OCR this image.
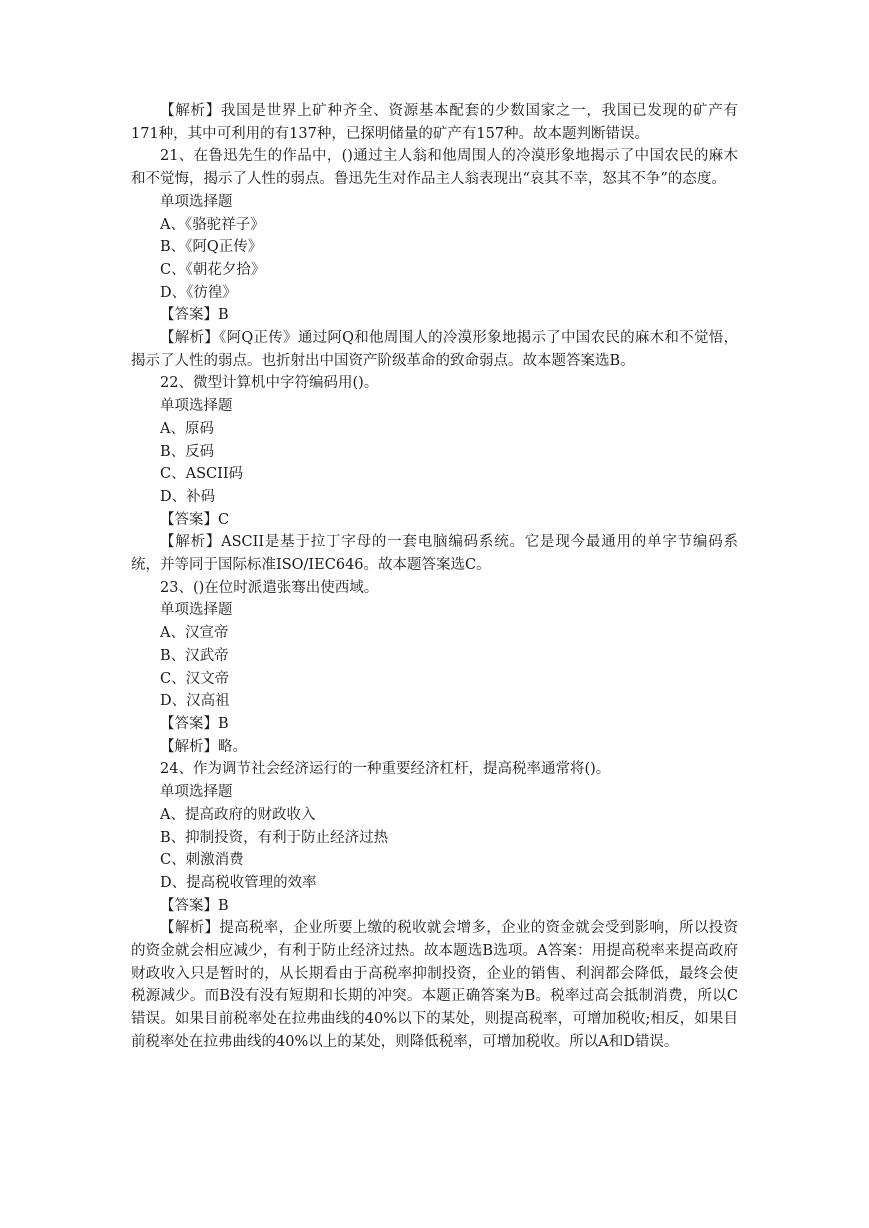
【解析】我国是世界上矿种齐全、资源基本配套的少数国家之一，我国已发现的矿产有171种，其中可利用的有137种，已探明储量的矿产有157种。故本题判断错误。
21、在鲁迅先生的作品中，()通过主人翁和他周围人的冷漠形象地揭示了中国农民的麻木和不觉悔，揭示了人性的弱点。鲁迅先生对作品主人翁表现出“哀其不幸，怒其不争”的态度。
单项选择题
A、《骆驼祥子》
B、《阿Q正传》
C、《朝花夕拾》
D、《彷徨》
【答案】B
【解析】《阿Q正传》通过阿Q和他周围人的冷漠形象地揭示了中国农民的麻木和不觉悟，揭示了人性的弱点。也折射出中国资产阶级革命的致命弱点。故本题答案选B。
22、微型计算机中字符编码用()。
单项选择题
A、原码
B、反码
C、ASCII码
D、补码
【答案】C
【解析】ASCII是基于拉丁字母的一套电脑编码系统。它是现今最通用的单字节编码系统，并等同于国际标准ISO/IEC646。故本题答案选C。
23、()在位时派遣张骞出使西域。
单项选择题
A、汉宣帝
B、汉武帝
C、汉文帝
D、汉高祖
【答案】B
【解析】略。
24、作为调节社会经济运行的一种重要经济杠杆，提高税率通常将()。
单项选择题
A、提高政府的财政收入
B、抑制投资，有利于防止经济过热
C、刺激消费
D、提高税收管理的效率
【答案】B
【解析】提高税率，企业所要上缴的税收就会增多，企业的资金就会受到影响，所以投资的资金就会相应减少，有利于防止经济过热。故本题选B选项。A答案：用提高税率来提高政府财政收入只是暂时的，从长期看由于高税率抑制投资，企业的销售、利润都会降低，最终会使税源减少。而B没有没有短期和长期的冲突。本题正确答案为B。税率过高会抵制消费，所以C错误。如果目前税率处在拉弗曲线的40%以下的某处，则提高税率，可增加税收;相反，如果目前税率处在拉弗曲线的40%以上的某处，则降低税率，可增加税收。所以A和D错误。
